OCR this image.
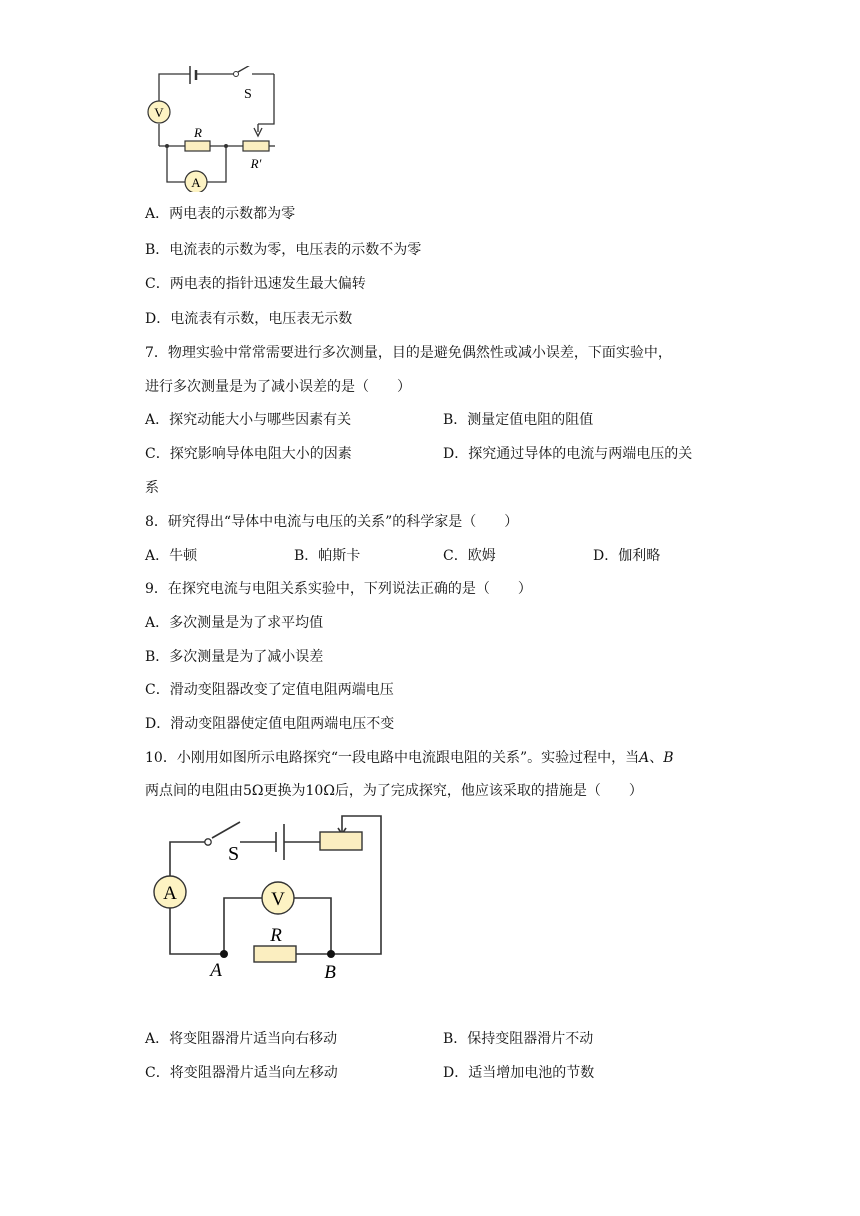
V
A
S
R
R′
A．两电表的示数都为零
B．电流表的示数为零，电压表的示数不为零
C．两电表的指针迅速发生最大偏转
D．电流表有示数，电压表无示数
7．物理实验中常常需要进行多次测量，目的是避免偶然性或减小误差，下面实验中，
进行多次测量是为了减小误差的是（　　）
A．探究动能大小与哪些因素有关	B．测量定值电阻的阻值
C．探究影响导体电阻大小的因素	D．探究通过导体的电流与两端电压的关
系
8．研究得出“导体中电流与电压的关系”的科学家是（　　）
A．牛顿	B．帕斯卡	C．欧姆	D．伽利略
9．在探究电流与电阻关系实验中，下列说法正确的是（　　）
A．多次测量是为了求平均值
B．多次测量是为了减小误差
C．滑动变阻器改变了定值电阻两端电压
D．滑动变阻器使定值电阻两端电压不变
10．小刚用如图所示电路探究“一段电路中电流跟电阻的关系”。实验过程中，当A、B
两点间的电阻由5Ω更换为10Ω后，为了完成探究，他应该采取的措施是（　　）
S
A	V
R
A	B
A．将变阻器滑片适当向右移动	B．保持变阻器滑片不动
C．将变阻器滑片适当向左移动	D．适当增加电池的节数
